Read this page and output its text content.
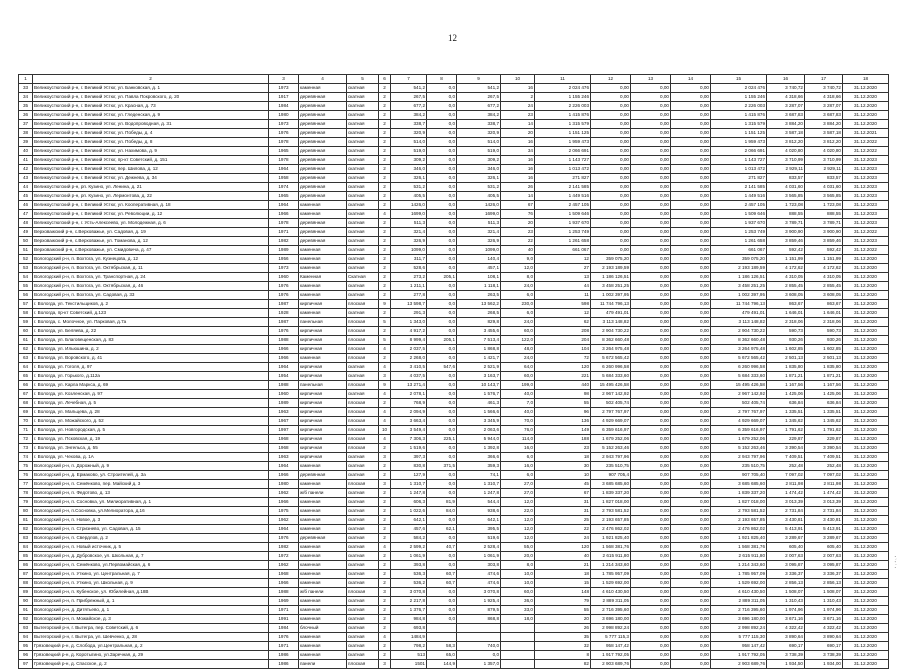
12
1	2	3	4	5	6	7	8	9	10	11	12	13	14	15	16	17	18
33	Великоустюгский р-н, г. Великий Устюг, ул. Банковская, д. 1	1973	каменная	скатная	2	541,2	0,0	541,2	16	2 024 476	0,00	0,00	0,00	2 024 476	3 740,72	3 740,72	31.12.2020
34	Великоустюгский р-н, г. Великий Устюг, ул. Павла Покровского, д. 20	1917	деревянная	скатная	2	267,5	0,0	267,5	2	1 155 246	0,00	0,00	0,00	1 155 246	4 318,66	4 318,66	31.12.2020
35	Великоустюгский р-н, г. Великий Устюг, ул. Красная, д. 73	1984	деревянная	скатная	2	677,2	0,0	677,2	24	2 226 003	0,00	0,00	0,00	2 226 003	3 287,07	3 287,07	31.12.2020
36	Великоустюгский р-н, г. Великий Устюг, ул. Гледенская, д. 9	1980	деревянная	скатная	2	384,2	0,0	384,2	23	1 415 876	0,00	0,00	0,00	1 415 876	3 687,83	3 687,83	31.12.2020
37	Великоустюгский р-н, г. Великий Устюг, ул. Водопроводная, д. 31	1973	деревянная	скатная	2	338,7	0,0	338,7	14	1 315 579	0,00	0,00	0,00	1 315 579	3 884,20	3 884,20	31.12.2020
38	Великоустюгский р-н, г. Великий Устюг, ул. Победы, д. 4	1976	деревянная	скатная	2	320,9	0,0	320,9	20	1 151 125	0,00	0,00	0,00	1 151 125	3 587,18	3 587,18	31.12.2021
39	Великоустюгский р-н, г. Великий Устюг, ул. Победы, д. 8	1978	деревянная	скатная	2	514,0	0,0	514,0	16	1 959 473	0,00	0,00	0,00	1 959 473	3 812,20	3 812,20	31.12.2022
40	Великоустюгский р-н, г. Великий Устюг, ул. Нахимова, д. 9	1965	деревянная	скатная	2	519,0	0,0	519,0	34	2 066 691	0,00	0,00	0,00	2 066 691	4 020,80	4 020,80	31.12.2022
41	Великоустюгский р-н, г. Великий Устюг, пр-кт Советский, д. 151	1978	деревянная	скатная	2	309,2	0,0	309,2	16	1 143 727	0,00	0,00	0,00	1 143 727	3 710,99	3 710,99	31.12.2023
42	Великоустюгский р-н, г. Великий Устюг, пер. Шилова, д. 12	1964	деревянная	скатная	2	346,0	0,0	346,0	16	1 013 472	0,00	0,00	0,00	1 013 472	2 929,11	2 929,11	31.12.2023
43	Великоустюгский р-н, г. Великий Устюг, ул. Дежнева, д. 34	1958	деревянная	скатная	2	326,1	0,0	326,1	16	271 827	0,00	0,00	0,00	271 827	833,57	833,57	31.12.2023
44	Великоустюгский р-н, рп. Кузино, ул. Ленина, д. 21	1974	деревянная	скатная	2	531,2	0,0	531,2	26	2 141 585	0,00	0,00	0,00	2 141 585	4 031,60	4 031,60	31.12.2023
45	Великоустюгский р-н, рп. Кузино, ул. Лермонтова, д. 22	1965	деревянная	скатная	2	405,5	0,0	405,5	14	1 449 516	0,00	0,00	0,00	1 449 516	3 565,85	3 565,85	31.12.2023
46	Великоустюгский р-н, г. Великий Устюг, ул. Кооперативная, д. 18	1964	каменная	скатная	2	1426,0	0,0	1426,0	67	2 457 105	0,00	0,00	0,00	2 457 105	1 723,08	1 723,08	31.12.2023
47	Великоустюгский р-н, г. Великий Устюг, ул. Революции, д. 12	1966	каменная	скатная	4	1699,0	0,0	1699,0	76	1 509 646	0,00	0,00	0,00	1 509 646	888,55	888,55	31.12.2023
48	Великоустюгский р-н, г. Усть-Алексеево, ул. Молодежная, д. 6	1978	деревянная	скатная	2	511,3	0,0	511,3	20	1 937 670	0,00	0,00	0,00	1 937 670	3 789,71	3 789,71	31.12.2023
49	Верховажский р-н, с.Верховажье, ул. Садовая, д. 19	1971	деревянная	скатная	2	321,4	0,0	321,4	23	1 253 749	0,00	0,00	0,00	1 253 749	3 900,90	3 900,90	31.12.2022
50	Верховажский р-н, с.Верховажье, ул. Томанова, д. 12	1982	деревянная	скатная	2	326,9	0,0	326,9	22	1 261 658	0,00	0,00	0,00	1 261 658	3 859,46	3 859,46	31.12.2023
51	Верховажский р-н, с.Верховажье, ул. Смидовича, д. 47	1989	каменная	скатная	2	1099,0	0,0	1099,0	40	661 067	0,00	0,00	0,00	661 067	592,42	592,42	31.12.2022
52	Вологодский р-н, п. Вохтога, ул. Кузнецова, д. 12	1956	каменная	скатная	2	311,7	0,0	140,4	9,0	12	359 075,20	0,00	0,00	359 075,20	1 151,99	1 151,99	31.12.2020
53	Вологодский р-н, п. Вохтога, ул. Октябрьская, д. 11	1973	каменная	скатная	2	528,6	0,0	457,1	12,0	27	2 193 189,59	0,00	0,00	2 193 189,59	4 172,62	4 172,62	31.12.2020
54	Вологодский р-н, п. Вохтога, ул. Транспортная, д. 24	1960	Каменная	Скатная	2	273,2	205,1	108,1	8,0	13	1 186 126,51	0,00	0,00	1 186 126,51	4 310,05	4 310,05	31.12.2020
55	Вологодский р-н, п. Вохтога, ул. Октябрьская, д. 46	1976	каменная	скатная	2	1 211,1	0,0	1 118,1	24,0	44	3 458 251,25	0,00	0,00	3 458 251,25	2 855,45	2 855,45	31.12.2020
56	Вологодский р-н, п. Вохтога, ул. Садовая, д. 33	1976	каменная	скатная	2	277,8	0,0	263,5	6,0	11	1 002 397,95	0,00	0,00	1 002 397,95	3 608,05	3 608,05	31.12.2020
57	г. Вологда, ул. Текстильщиков, д. 2	1987	кирпичная	плоская	9	13 598,7	0,0	13 562,2	230,0	598	11 744 796,13	0,00	0,00	11 744 796,13	863,67	863,67	31.12.2020
58	г. Вологда, пр-кт Советский, д.123	1928	каменная	скатная	2	291,3	0,0	268,5	6,0	12	479 491,01	0,00	0,00	479 491,01	1 646,01	1 646,01	31.12.2020
59	г. Вологда, с. Молочное, ул. Парковая, д.7а	1987	панельная	плоская	5	1 343,0	0,0	829,8	24,0	62	3 113 148,82	0,00	0,00	3 113 148,82	2 318,06	2 318,06	31.12.2020
60	г. Вологда, ул. Беляева, д. 22	1976	кирпичная	плоская	2	4 917,2	0,0	3 455,6	60,0	208	2 904 730,22	0,00	0,00	2 904 730,22	590,73	590,73	31.12.2020
61	г. Вологда, ул. Благовещенская, д. 83	1988	кирпичная	плоская	5	8 999,4	205,1	7 513,4	122,0	204	8 362 660,48	0,00	0,00	8 362 660,48	930,26	930,26	31.12.2020
62	г. Вологда, ул. Ильюшина, д. 2	1966	кирпичная	плоская	4	2 037,5	0,0	1 868,8	48,0	104	3 264 975,48	0,00	0,00	3 264 975,48	1 602,85	1 602,85	31.12.2020
63	г. Вологда, ул. Воровского, д. 41	1966	каменная	плоская	2	2 268,0	0,0	1 421,7	24,0	72	5 672 565,42	0,00	0,00	5 672 565,42	2 501,13	2 501,13	31.12.2020
64	г. Вологда, ул. Гоголя, д. 97	1964	кирпичная	скатная	4	3 410,5	547,6	2 521,9	64,0	120	6 260 996,58	0,00	0,00	6 260 996,58	1 835,80	1 835,80	31.12.2020
65	г. Вологда, ул. Горького, д.112а	1954	кирпичная	скатная	3	4 037,5	0,0	3 163,7	60,0	221	5 684 333,60	0,00	0,00	5 684 333,60	1 871,21	1 871,21	31.12.2020
66	г. Вологда, ул. Карла Маркса, д. 69	1988	панельная	плоская	9	13 271,4	0,0	10 143,7	199,0	440	15 495 426,58	0,00	0,00	15 495 426,58	1 167,56	1 167,56	31.12.2020
67	г. Вологда, ул. Козленская, д. 97	1960	кирпичная	скатная	4	2 078,1	0,0	1 576,7	40,0	98	2 967 142,92	0,00	0,00	2 967 142,92	1 425,06	1 425,06	31.12.2020
68	г. Вологда, ул. Лечебная, д. 5	1989	кирпичная	плоская	2	768,9	0,0	461,3	7,0	55	502 405,74	0,00	0,00	502 405,74	636,84	636,84	31.12.2020
69	г. Вологда, ул. Мальцева, д. 28	1963	кирпичная	плоская	4	2 094,9	0,0	1 566,6	40,0	96	2 797 767,97	0,00	0,00	2 797 767,97	1 335,51	1 335,51	31.12.2020
70	г. Вологда, ул. Можайского, д. 52	1967	кирпичная	плоская	4	3 663,4	0,0	3 345,9	70,0	136	4 929 669,07	0,00	0,00	4 929 669,07	1 345,62	1 345,62	31.12.2020
71	г. Вологда, ул. Новгородская, д. 5	1997	кирпичная	плоская	10	3 549,4	0,0	2 063,6	76,0	149	6 359 616,97	0,00	0,00	6 359 616,97	1 791,62	1 791,62	31.12.2020
72	г. Вологда, ул. Псковская, д. 19	1968	кирпичная	плоская	4	7 306,3	225,1	5 944,0	114,0	188	1 679 252,06	0,00	0,00	1 679 252,06	229,87	229,87	31.12.2020
73	г. Вологда, ул. Энгельса, д. 55	1968	кирпичная	плоская	2	1 519,6	0,0	1 392,8	16,0	23	5 152 263,46	0,00	0,00	5 152 263,46	3 390,54	3 390,54	31.12.2020
74	г. Вологда, ул. Чехова, д. 1А	1963	кирпичная	скатная	3	397,3	0,0	366,6	6,0	18	2 943 797,96	0,00	0,00	2 943 797,96	7 409,51	7 409,51	31.12.2020
75	Вологодский р-н, п. Дорожный, д. 9	1964	каменная	скатная	2	830,8	371,5	359,3	16,0	30	235 510,75	0,00	0,00	235 510,75	252,48	252,48	31.12.2020
76	Вологодский р-н, д. Ермаково, ул. Строителей, д. 3а	1966	деревянная	скатная	2	127,9	0,0	74,1	6,0	10	907 705,4	0,00	0,00	907 705,40	7 097,02	7 097,02	31.12.2020
77	Вологодский р-н, п. Семёнково, пер. Майский д. 3	1980	каменная	плоская	3	1 310,7	0,0	1 310,7	27,0	45	3 685 685,60	0,00	0,00	3 685 685,60	2 811,98	2 811,98	31.12.2020
78	Вологодский р-н, п. Федотово, д. 13	1962	ж/б панели	скатная	2	1 247,8	0,0	1 247,8	27,0	67	1 839 337,20	0,00	0,00	1 839 337,20	1 474,42	1 474,42	31.12.2020
79	Вологодский р-н, п. Сосновка, ул. Милиоративная, д. 1	1966	каменная	скатная	2	606,3	81,9	544,4	12,0	31	1 827 018,00	0,00	0,00	1 827 018,00	3 013,39	3 013,39	31.12.2020
80	Вологодский р-н, п.Сосновка, ул.Мелиоратора, д.16	1975	каменная	скатная	2	1 022,6	84,0	938,6	22,0	31	2 793 581,52	0,00	0,00	2 793 581,52	2 731,84	2 731,84	31.12.2020
81	Вологодский р-н, п. Новое, д. 3	1962	каменная	скатная	2	642,1	0,0	642,1	12,0	25	2 193 657,85	0,00	0,00	2 193 657,85	3 430,81	3 430,81	31.12.2020
82	Вологодский р-н, п. Стризнево, ул. Садовая, д. 15	1964	каменная	скатная	2	457,6	62,1	395,5	12,0	22	2 476 862,02	0,00	0,00	2 476 862,02	5 413,91	5 413,91	31.12.2020
83	Вологодский р-н, п. Свердлов, д. 2	1976	деревянная	скатная	2	584,2	0,0	519,6	12,0	24	1 921 825,40	0,00	0,00	1 921 825,40	3 289,67	3 289,67	31.12.2020
84	Вологодский р-н, п. Новый источник, д. 5	1982	каменная	скатная	4	2 599,2	40,7	2 528,4	55,0	120	1 568 381,76	0,00	0,00	1 568 381,76	605,40	605,40	31.12.2020
85	Вологодский р-н, д. Дубровское, ул. Школьная, д. 7	1972	каменная	скатная	2	1 061,9	0,0	1 061,9	20,0	40	2 615 911,80	0,00	0,00	2 615 911,80	2 007,63	2 007,63	31.12.2020
86	Вологодский р-н, п. Семёнково, ул.Первомайская, д. 6	1962	каменная	скатная	2	393,8	0,0	303,8	8,0	21	1 214 343,60	0,00	0,00	1 214 343,60	3 095,87	3 095,87	31.12.2020
87	Вологодский р-н, п. Уткино, ул. Центральная, д. 7	1968	каменная	скатная	2	536,3	60,7	474,6	10,0	18	1 785 957,09	0,00	0,00	1 785 957,09	3 336,37	3 336,37	31.12.2020
88	Вологодский р-н, п. Уткино, ул. Школьная, д. 9	1966	каменная	скатная	2	536,2	60,7	474,6	10,0	15	1 529 692,00	0,00	0,00	1 529 692,00	2 856,13	2 856,13	31.12.2020
89	Вологодский р-н, п. Кубенское, ул. Юбилейная, д.18В	1988	ж/б панели	плоская	3	3 070,8	0,0	3 070,8	60,0	148	4 610 430,50	0,00	0,00	4 610 430,50	1 508,07	1 508,07	31.12.2020
90	Вологодский р-н, п. Прибрежный, д. 1	1969	каменная	скатная	2	2 217,8	0,0	1 925,4	36,0	79	2 889 311,05	0,00	0,00	2 889 311,05	1 310,43	1 310,43	31.12.2020
91	Вологодский р-н, д. Дитятьево, д. 1	1971	каменная	скатная	2	1 376,7	0,0	879,5	33,0	55	2 716 395,60	0,00	0,00	2 716 395,60	1 974,96	1 974,96	31.12.2020
92	Вологодский р-н, п. Можайское, д. 3	1991	каменная	скатная	2	984,8	0,0	868,8	18,0	20	3 696 180,00	0,00	0,00	3 696 180,00	3 671,16	3 671,16	31.12.2020
93	Вытегорский р-н, г. Вытегра, пер. Советский, д. 6	1984	блочный	скатная	2	693,8				26	2 998 892,24	0,00	0,00	2 998 892,24	4 322,42	4 322,42	31.12.2020
94	Вытегорский р-н, г. Вытегра, ул. Шевченко, д. 28	1976	каменная	скатная	4	1484,9				35	5 777 115,3	0,00	0,00	5 777 115,30	3 890,64	3 890,64	31.12.2020
95	Грязовецкий р-н, д. Слобода, ул.Центральная, д. 2	1971	каменная	скатная	2	798,2	58,3	740,0		32	958 147,42	0,00	0,00	958 147,42	690,17	690,17	31.12.2020
96	Грязовецкий р-н, д. Коротыгино, ул.Заречная, д. 29	1986	каменная	скатная	2	513	65,0	0,0		8	1 917 792,05	0,00	0,00	1 917 792,05	3 738,39	3 738,39	31.12.2020
97	Грязовецкий р-н, д. Спасское, д. 2	1986	панели	плоская	3	1501	144,9	1 357,0		82	2 903 689,76	0,00	0,00	2 903 689,76	1 934,50	1 934,00	31.12.2020
' ` ' ` '
